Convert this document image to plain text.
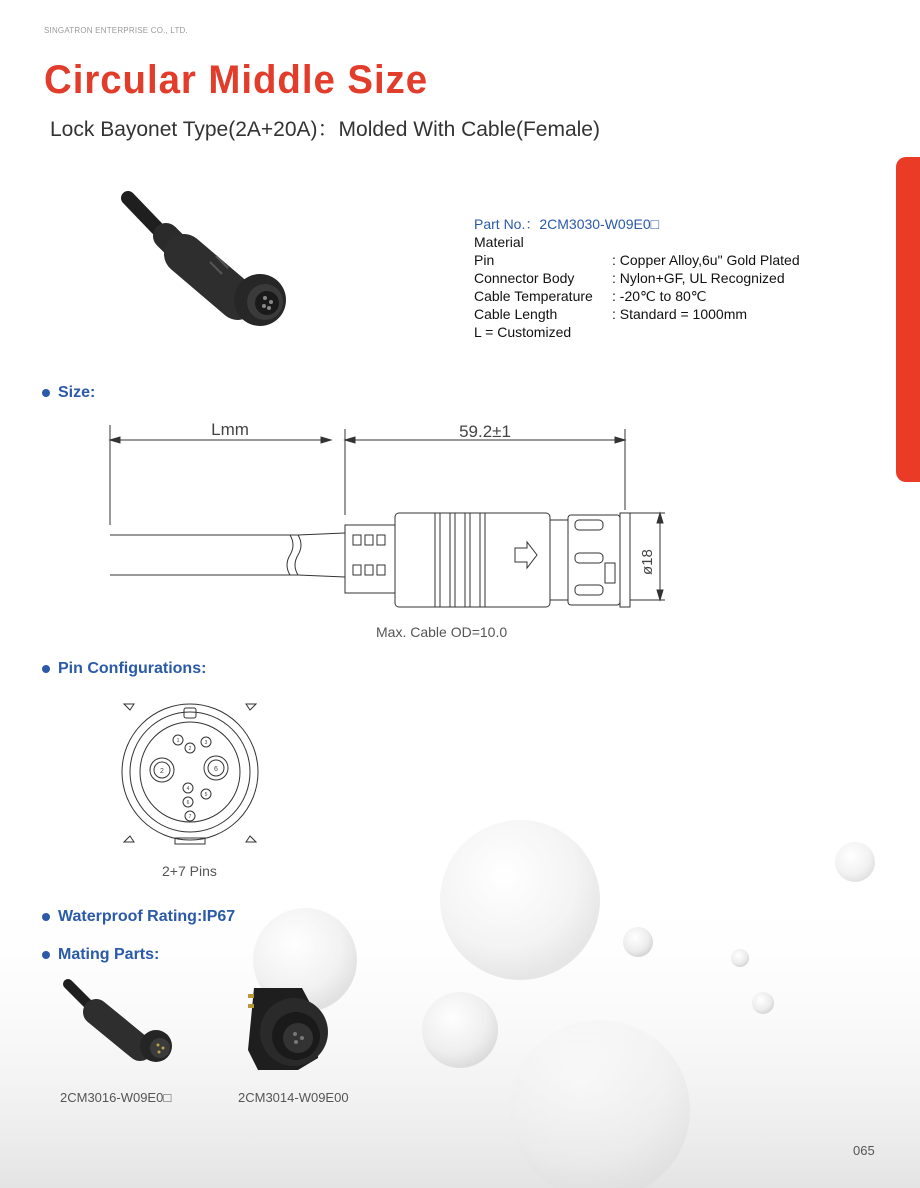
SINGATRON ENTERPRISE CO., LTD.
Circular Middle Size
Lock Bayonet Type(2A+20A)：Molded With Cable(Female)
Part No.：2CM3030-W09E0□
Material
Pin	: Copper Alloy,6u" Gold Plated
Connector Body	: Nylon+GF, UL Recognized
Cable Temperature	: -20℃ to 80℃
Cable Length	: Standard = 1000mm
L = Customized
Size:
Lmm	59.2±1
ø18
Max. Cable OD=10.0
Pin Configurations:
2	6
1
2
3
4
5
6
7
2+7 Pins
Waterproof Rating:IP67
Mating Parts:
2CM3016-W09E0□	2CM3014-W09E00
065
